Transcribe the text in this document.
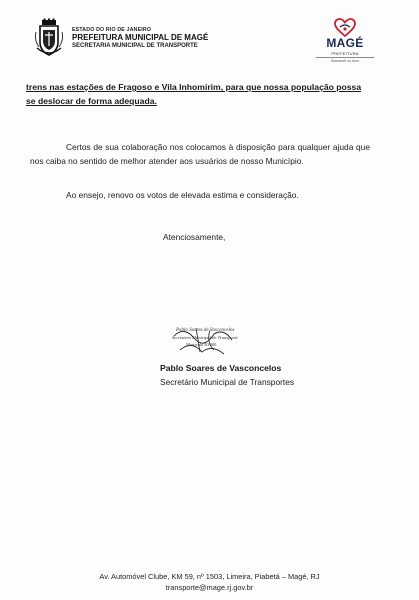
ESTADO DO RIO DE JANEIRO
PREFEITURA MUNICIPAL DE MAGÉ
SECRETARIA MUNICIPAL DE TRANSPORTE	MAGÉ
PREFEITURA
Somando os bom
trens nas estações de Fragoso e Vila Inhomirim, para que nossa população possa se deslocar de forma adequada.
Certos de sua colaboração nos colocamos à disposição para qualquer ajuda que nos caiba no sentido de melhor atender aos usuários de nosso Município.
Ao ensejo, renovo os votos de elevada estima e consideração.
Atenciosamente,
Pablo Soares de Vasconcelos
Secretário Municipal de Transporte
Matrícula 50/000
Pablo Soares de Vasconcelos
Secretário Municipal de Transportes
Av. Automóvel Clube, KM 59, nº 1503, Limeira, Piabetá – Magé, RJ
transporte@mage.rj.gov.br
